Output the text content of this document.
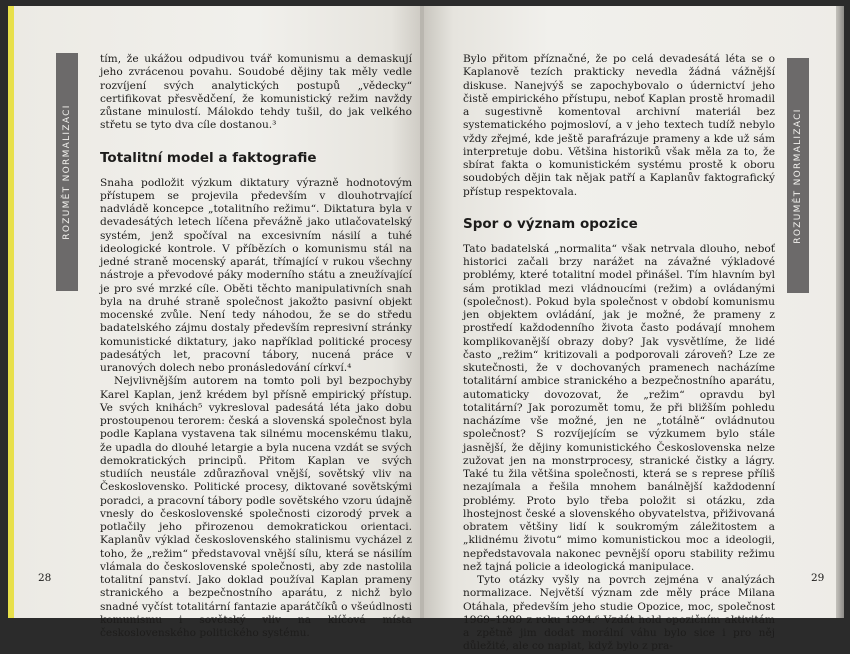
ROZUMĚT NORMALIZACI

tím, že ukážou odpudivou tvář komunismu a demaskují jeho zvrácenou povahu. Soudobé dějiny tak měly vedle rozvíjení svých analytických postupů „vědecky“ certifikovat přesvědčení, že komunistický režim navždy zůstane minulostí. Málokdo tehdy tušil, do jak velkého střetu se tyto dva cíle dostanou.³

Totalitní model a faktografie

Snaha podložit výzkum diktatury výrazně hodnotovým přístupem se projevila především v dlouhotrvající nadvládě koncepce „totalitního režimu“. Diktatura byla v devadesátých letech líčena převážně jako utlačovatelský systém, jenž spočíval na excesivním násilí a tuhé ideologické kontrole. V příbězích o komunismu stál na jedné straně mocenský aparát, třímající v rukou všechny nástroje a převodové páky moderního státu a zneužívající je pro své mrzké cíle. Oběti těchto manipulativních snah byla na druhé straně společnost jakožto pasivní objekt mocenské zvůle. Není tedy náhodou, že se do středu badatelského zájmu dostaly především represivní stránky komunistické diktatury, jako například politické procesy padesátých let, pracovní tábory, nucená práce v uranových dolech nebo pronásledování církví.⁴

Nejvlivnějším autorem na tomto poli byl bezpochyby Karel Kaplan, jenž krédem byl přísně empirický přístup. Ve svých knihách⁵ vykresloval padesátá léta jako dobu prostoupenou terorem: česká a slovenská společnost byla podle Kaplana vystavena tak silnému mocenskému tlaku, že upadla do dlouhé letargie a byla nucena vzdát se svých demokratických principů. Přitom Kaplan ve svých studiích neustále zdůrazňoval vnější, sovětský vliv na Československo. Politické procesy, diktované sovětskými poradci, a pracovní tábory podle sovětského vzoru údajně vnesly do československé společnosti cizorodý prvek a potlačily jeho přirozenou demokratickou orientaci. Kaplanův výklad československého stalinismu vycházel z toho, že „režim“ představoval vnější sílu, která se násilím vlámala do československé společnosti, aby zde nastolila totalitní panství. Jako doklad používal Kaplan prameny stranického a bezpečnostního aparátu, z nichž bylo snadné vyčíst totalitární fantazie aparátčíků o všeúdlnosti komunismu i sovětský vliv na klíčová místa československého politického systému.

28
ROZUMĚT NORMALIZACI

Bylo přitom příznačné, že po celá devadesátá léta se o Kaplanově tezích prakticky nevedla žádná vážnější diskuse. Nanejvýš se zapochybovalo o údernictví jeho čistě empirického přístupu, neboť Kaplan prostě hromadil a sugestivně komentoval archivní materiál bez systematického pojmosloví, a v jeho textech tudíž nebylo vždy zřejmé, kde ještě parafrázuje prameny a kde už sám interpretuje dobu. Většina historiků však měla za to, že sbírat fakta o komunistickém systému prostě k oboru soudobých dějin tak nějak patří a Kaplanův faktografický přístup respektovala.

Spor o význam opozice

Tato badatelská „normalita“ však netrvala dlouho, neboť historici začali brzy narážet na závažné výkladové problémy, které totalitní model přinášel. Tím hlavním byl sám protiklad mezi vládnoucími (režim) a ovládanými (společnost). Pokud byla společnost v období komunismu jen objektem ovládání, jak je možné, že prameny z prostředí každodenního života často podávají mnohem komplikovanější obrazy doby? Jak vysvětlíme, že lidé často „režim“ kritizovali a podporovali zároveň? Lze ze skutečnosti, že v dochovaných pramenech nacházíme totalitární ambice stranického a bezpečnostního aparátu, automaticky dovozovat, že „režim“ opravdu byl totalitární? Jak porozumět tomu, že při bližším pohledu nacházíme vše možné, jen ne „totálně“ ovládnutou společnost? S rozvíjejícím se výzkumem bylo stále jasnější, že dějiny komunistického Československa nelze zužovat jen na monstrprocesy, stranické čistky a lágry. Také tu žila většina společnosti, která se s represe příliš nezajímala a řešila mnohem banálnější každodenní problémy. Proto bylo třeba položit si otázku, zda lhostejnost české a slovenského obyvatelstva, přiživovaná obratem většiny lidí k soukromým záležitostem a „klidnému životu“ mimo komunistickou moc a ideologii, nepředstavovala nakonec pevnější oporu stability režimu než tajná policie a ideologická manipulace.

Tyto otázky vyšly na povrch zejména v analýzách normalizace. Největší význam zde měly práce Milana Otáhala, především jeho studie Opozice, moc, společnost 1969–1989 z roku 1994.⁶ Vzdát hold opozičním aktivitám a zpětně jim dodat morální váhu bylo sice i pro něj důležité, ale co naplat, když bylo z pra-

29
